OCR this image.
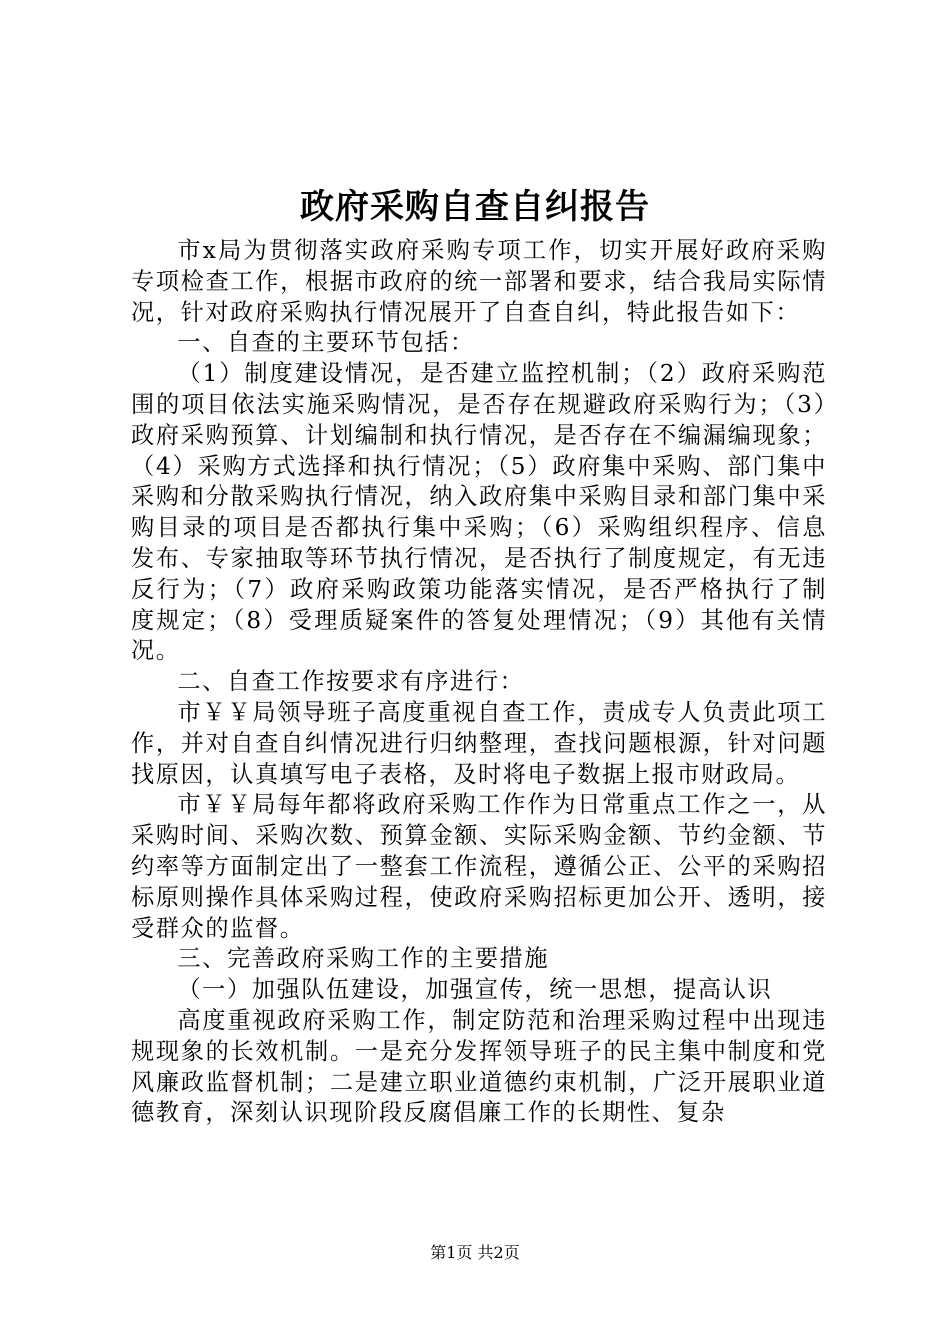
政府采购自查自纠报告

市x局为贯彻落实政府采购专项工作，切实开展好政府采购专项检查工作，根据市政府的统一部署和要求，结合我局实际情况，针对政府采购执行情况展开了自查自纠，特此报告如下：

一、自查的主要环节包括：

（1）制度建设情况，是否建立监控机制；（2）政府采购范围的项目依法实施采购情况，是否存在规避政府采购行为；（3）政府采购预算、计划编制和执行情况，是否存在不编漏编现象；（4）采购方式选择和执行情况；（5）政府集中采购、部门集中采购和分散采购执行情况，纳入政府集中采购目录和部门集中采购目录的项目是否都执行集中采购；（6）采购组织程序、信息发布、专家抽取等环节执行情况，是否执行了制度规定，有无违反行为；（7）政府采购政策功能落实情况，是否严格执行了制度规定；（8）受理质疑案件的答复处理情况；（9）其他有关情况。

二、自查工作按要求有序进行：

市￥￥局领导班子高度重视自查工作，责成专人负责此项工作，并对自查自纠情况进行归纳整理，查找问题根源，针对问题找原因，认真填写电子表格，及时将电子数据上报市财政局。

市￥￥局每年都将政府采购工作作为日常重点工作之一，从采购时间、采购次数、预算金额、实际采购金额、节约金额、节约率等方面制定出了一整套工作流程，遵循公正、公平的采购招标原则操作具体采购过程，使政府采购招标更加公开、透明，接受群众的监督。

三、完善政府采购工作的主要措施

（一）加强队伍建设，加强宣传，统一思想，提高认识

高度重视政府采购工作，制定防范和治理采购过程中出现违规现象的长效机制。一是充分发挥领导班子的民主集中制度和党风廉政监督机制；二是建立职业道德约束机制，广泛开展职业道德教育，深刻认识现阶段反腐倡廉工作的长期性、复杂

第1页 共2页
